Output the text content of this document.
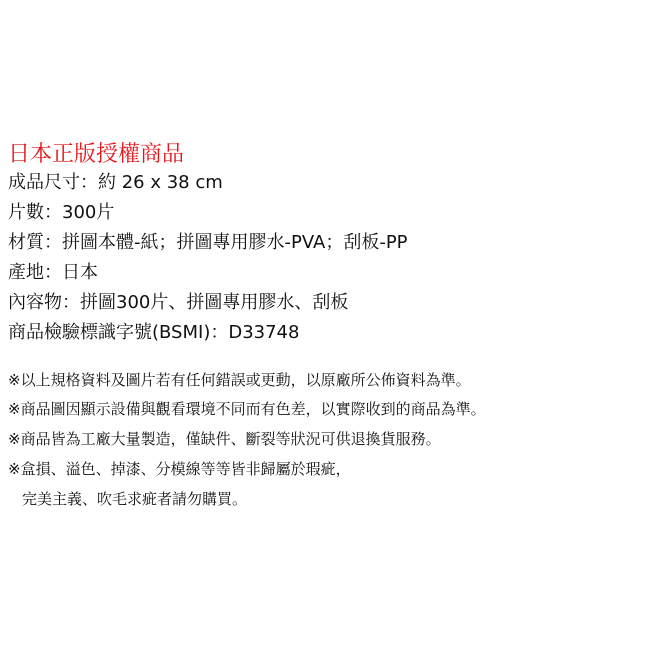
日本正版授權商品
成品尺寸：約 26 x 38 cm
片數：300片
材質：拼圖本體-紙；拼圖專用膠水-PVA；刮板-PP
產地：日本
內容物：拼圖300片、拼圖專用膠水、刮板
商品檢驗標識字號(BSMI)：D33748
※以上規格資料及圖片若有任何錯誤或更動，以原廠所公佈資料為準。
※商品圖因顯示設備與觀看環境不同而有色差，以實際收到的商品為準。
※商品皆為工廠大量製造，僅缺件、斷裂等狀況可供退換貨服務。
※盒損、溢色、掉漆、分模線等等皆非歸屬於瑕疵，
完美主義、吹毛求疵者請勿購買。
